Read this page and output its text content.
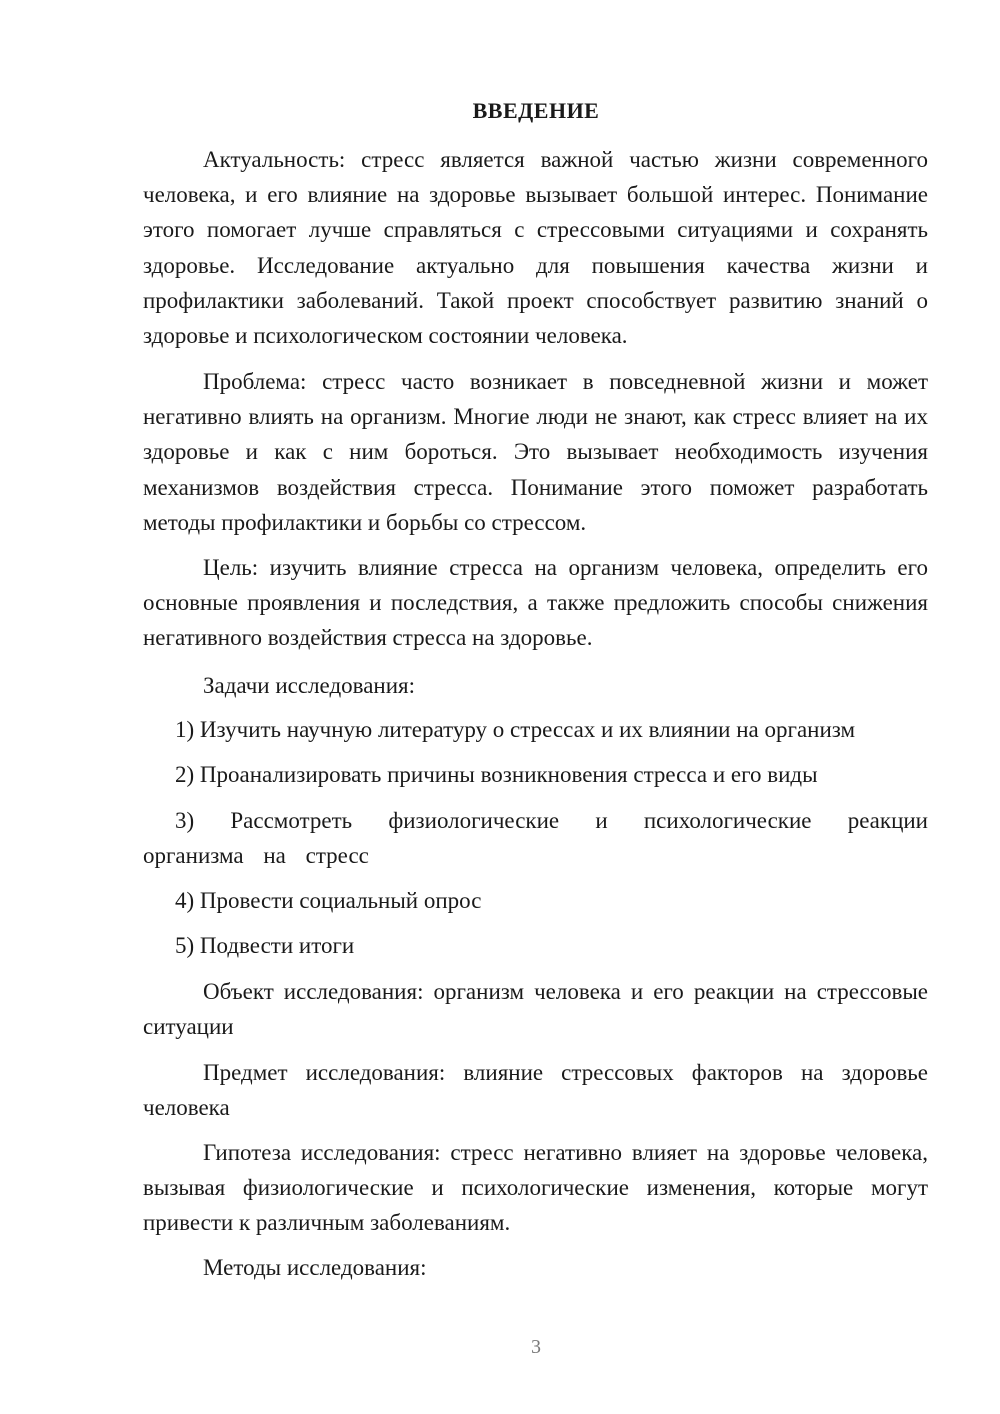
ВВЕДЕНИЕ

Актуальность: стресс является важной частью жизни современного человека, и его влияние на здоровье вызывает большой интерес. Понимание этого помогает лучше справляться с стрессовыми ситуациями и сохранять здоровье. Исследование актуально для повышения качества жизни и профилактики заболеваний. Такой проект способствует развитию знаний о здоровье и психологическом состоянии человека.

Проблема: стресс часто возникает в повседневной жизни и может негативно влиять на организм. Многие люди не знают, как стресс влияет на их здоровье и как с ним бороться. Это вызывает необходимость изучения механизмов воздействия стресса. Понимание этого поможет разработать методы профилактики и борьбы со стрессом.

Цель: изучить влияние стресса на организм человека, определить его основные проявления и последствия, а также предложить способы снижения негативного воздействия стресса на здоровье.

Задачи исследования:

1) Изучить научную литературу о стрессах и их влиянии на организм

2) Проанализировать причины возникновения стресса и его виды

3) Рассмотреть физиологические и психологические реакции организма на стресс

4) Провести социальный опрос

5) Подвести итоги

Объект исследования: организм человека и его реакции на стрессовые ситуации

Предмет исследования: влияние стрессовых факторов на здоровье человека

Гипотеза исследования: стресс негативно влияет на здоровье человека, вызывая физиологические и психологические изменения, которые могут привести к различным заболеваниям.

Методы исследования:

3
